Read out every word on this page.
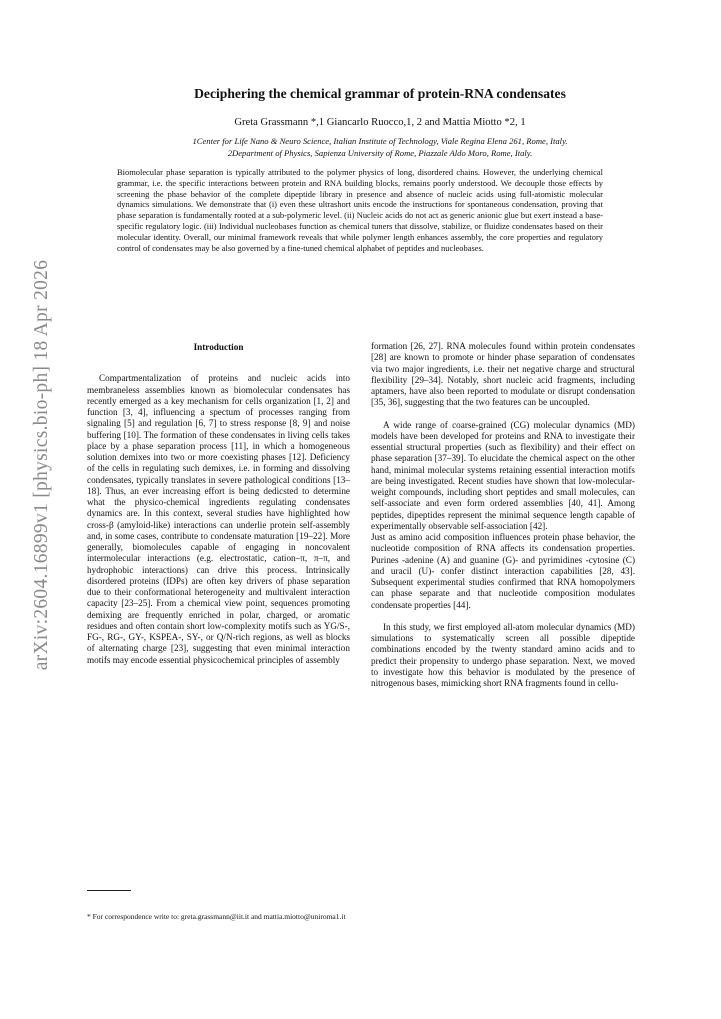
arXiv:2604.16899v1 [physics.bio-ph] 18 Apr 2026
Deciphering the chemical grammar of protein-RNA condensates
Greta Grassmann *,1 Giancarlo Ruocco,1, 2 and Mattia Miotto *2, 1
1Center for Life Nano & Neuro Science, Italian Institute of Technology, Viale Regina Elena 261, Rome, Italy.
2Department of Physics, Sapienza University of Rome, Piazzale Aldo Moro, Rome, Italy.
Biomolecular phase separation is typically attributed to the polymer physics of long, disordered chains. However, the underlying chemical grammar, i.e. the specific interactions between protein and RNA building blocks, remains poorly understood. We decouple those effects by screening the phase behavior of the complete dipeptide library in presence and absence of nucleic acids using full-atomistic molecular dynamics simulations. We demonstrate that (i) even these ultrashort units encode the instructions for spontaneous condensation, proving that phase separation is fundamentally rooted at a sub-polymeric level. (ii) Nucleic acids do not act as generic anionic glue but exert instead a base-specific regulatory logic. (iii) Individual nucleobases function as chemical tuners that dissolve, stabilize, or fluidize condensates based on their molecular identity. Overall, our minimal framework reveals that while polymer length enhances assembly, the core properties and regulatory control of condensates may be also governed by a fine-tuned chemical alphabet of peptides and nucleobases.
Introduction

Compartmentalization of proteins and nucleic acids into membraneless assemblies known as biomolecular condensates has recently emerged as a key mechanism for cells organization [1, 2] and function [3, 4], influencing a spectum of processes ranging from signaling [5] and regulation [6, 7] to stress response [8, 9] and noise buffering [10]. The formation of these condensates in living cells takes place by a phase separation process [11], in which a homogeneous solution demixes into two or more coexisting phases [12]. Deficiency of the cells in regulating such demixes, i.e. in forming and dissolving condensates, typically translates in severe pathological conditions [13–18]. Thus, an ever increasing effort is being dedicsted to determine what the physico-chemical ingredients regulating condensates dynamics are. In this context, several studies have highlighted how cross-β (amyloid-like) interactions can underlie protein self-assembly and, in some cases, contribute to condensate maturation [19–22]. More generally, biomolecules capable of engaging in noncovalent intermolecular interactions (e.g. electrostatic, cation–π, π–π, and hydrophobic interactions) can drive this process. Intrinsically disordered proteins (IDPs) are often key drivers of phase separation due to their conformational heterogeneity and multivalent interaction capacity [23–25]. From a chemical view point, sequences promoting demixing are frequently enriched in polar, charged, or aromatic residues and often contain short low-complexity motifs such as YG/S-, FG-, RG-, GY-, KSPEA-, SY-, or Q/N-rich regions, as well as blocks of alternating charge [23], suggesting that even minimal interaction motifs may encode essential physicochemical principles of assembly

formation [26, 27]. RNA molecules found within protein condensates [28] are known to promote or hinder phase separation of condensates via two major ingredients, i.e. their net negative charge and structural flexibility [29–34]. Notably, short nucleic acid fragments, including aptamers, have also been reported to modulate or disrupt condensation [35, 36], suggesting that the two features can be uncoupled.

A wide range of coarse-grained (CG) molecular dynamics (MD) models have been developed for proteins and RNA to investigate their essential structural properties (such as flexibility) and their effect on phase separation [37–39]. To elucidate the chemical aspect on the other hand, minimal molecular systems retaining essential interaction motifs are being investigated. Recent studies have shown that low-molecular-weight compounds, including short peptides and small molecules, can self-associate and even form ordered assemblies [40, 41]. Among peptides, dipeptides represent the minimal sequence length capable of experimentally observable self-association [42].

Just as amino acid composition influences protein phase behavior, the nucleotide composition of RNA affects its condensation properties. Purines -adenine (A) and guanine (G)- and pyrimidines -cytosine (C) and uracil (U)- confer distinct interaction capabilities [28, 43]. Subsequent experimental studies confirmed that RNA homopolymers can phase separate and that nucleotide composition modulates condensate properties [44].

In this study, we first employed all-atom molecular dynamics (MD) simulations to systematically screen all possible dipeptide combinations encoded by the twenty standard amino acids and to predict their propensity to undergo phase separation. Next, we moved to investigate how this behavior is modulated by the presence of nitrogenous bases, mimicking short RNA fragments found in cellu-

* For correspondence write to: greta.grassmann@iit.it and mattia.miotto@uniroma1.it
